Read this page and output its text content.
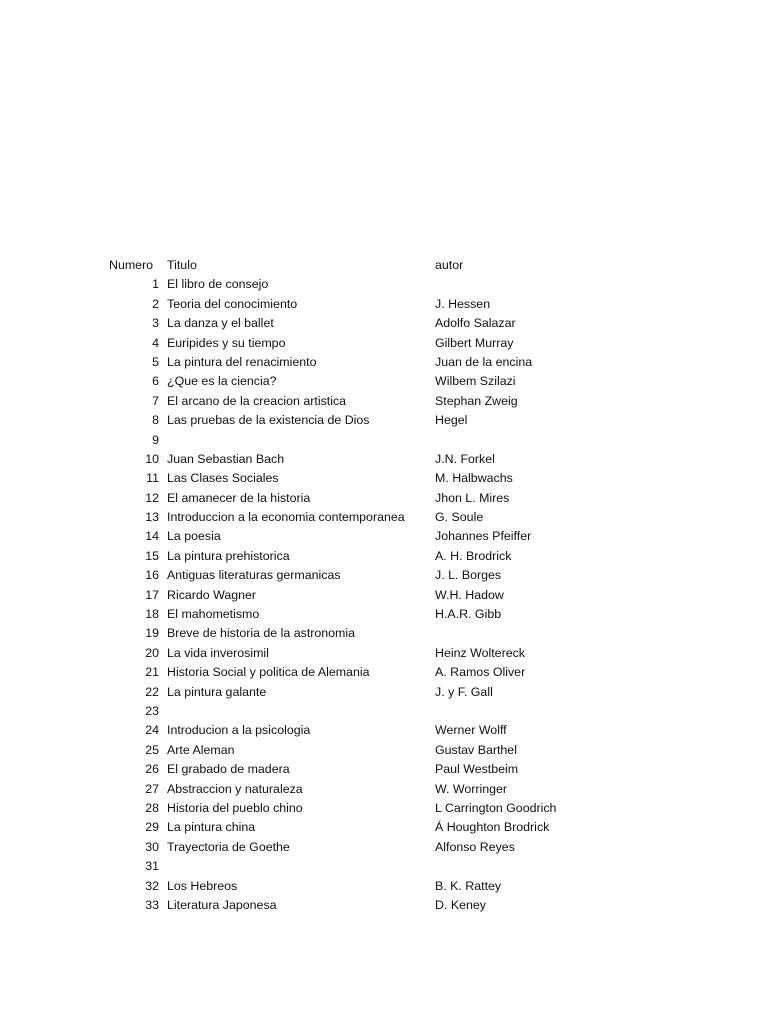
Numero Titulo	autor
1 El libro de consejo
2 Teoria del conocimiento	J. Hessen
3 La danza y el ballet	Adolfo Salazar
4 Euripides y su tiempo	Gilbert Murray
5 La pintura del renacimiento	Juan de la encina
6 ¿Que es la ciencia?	Wilbem Szilazi
7 El arcano de la creacion artistica	Stephan Zweig
8 Las pruebas de la existencia de Dios	Hegel
9
10 Juan Sebastian Bach	J.N. Forkel
11 Las Clases Sociales	M. Halbwachs
12 El amanecer de la historia	Jhon L. Mires
13 Introduccion a la economia contemporanea	G. Soule
14 La poesia	Johannes Pfeiffer
15 La pintura prehistorica	A. H. Brodrick
16 Antiguas literaturas germanicas	J. L. Borges
17 Ricardo Wagner	W.H. Hadow
18 El mahometismo	H.A.R. Gibb
19 Breve de historia de la astronomia
20 La vida inverosimil	Heinz Woltereck
21 Historia Social y politica de Alemania	A. Ramos Oliver
22 La pintura galante	J. y F. Gall
23
24 Introducion a la psicologia	Werner Wolff
25 Arte Aleman	Gustav Barthel
26 El grabado de madera	Paul Westbeim
27 Abstraccion y naturaleza	W. Worringer
28 Historia del pueblo chino	L Carrington Goodrich
29 La pintura china	Á Houghton Brodrick
30 Trayectoria de Goethe	Alfonso Reyes
31
32 Los Hebreos	B. K. Rattey
33 Literatura Japonesa	D. Keney
